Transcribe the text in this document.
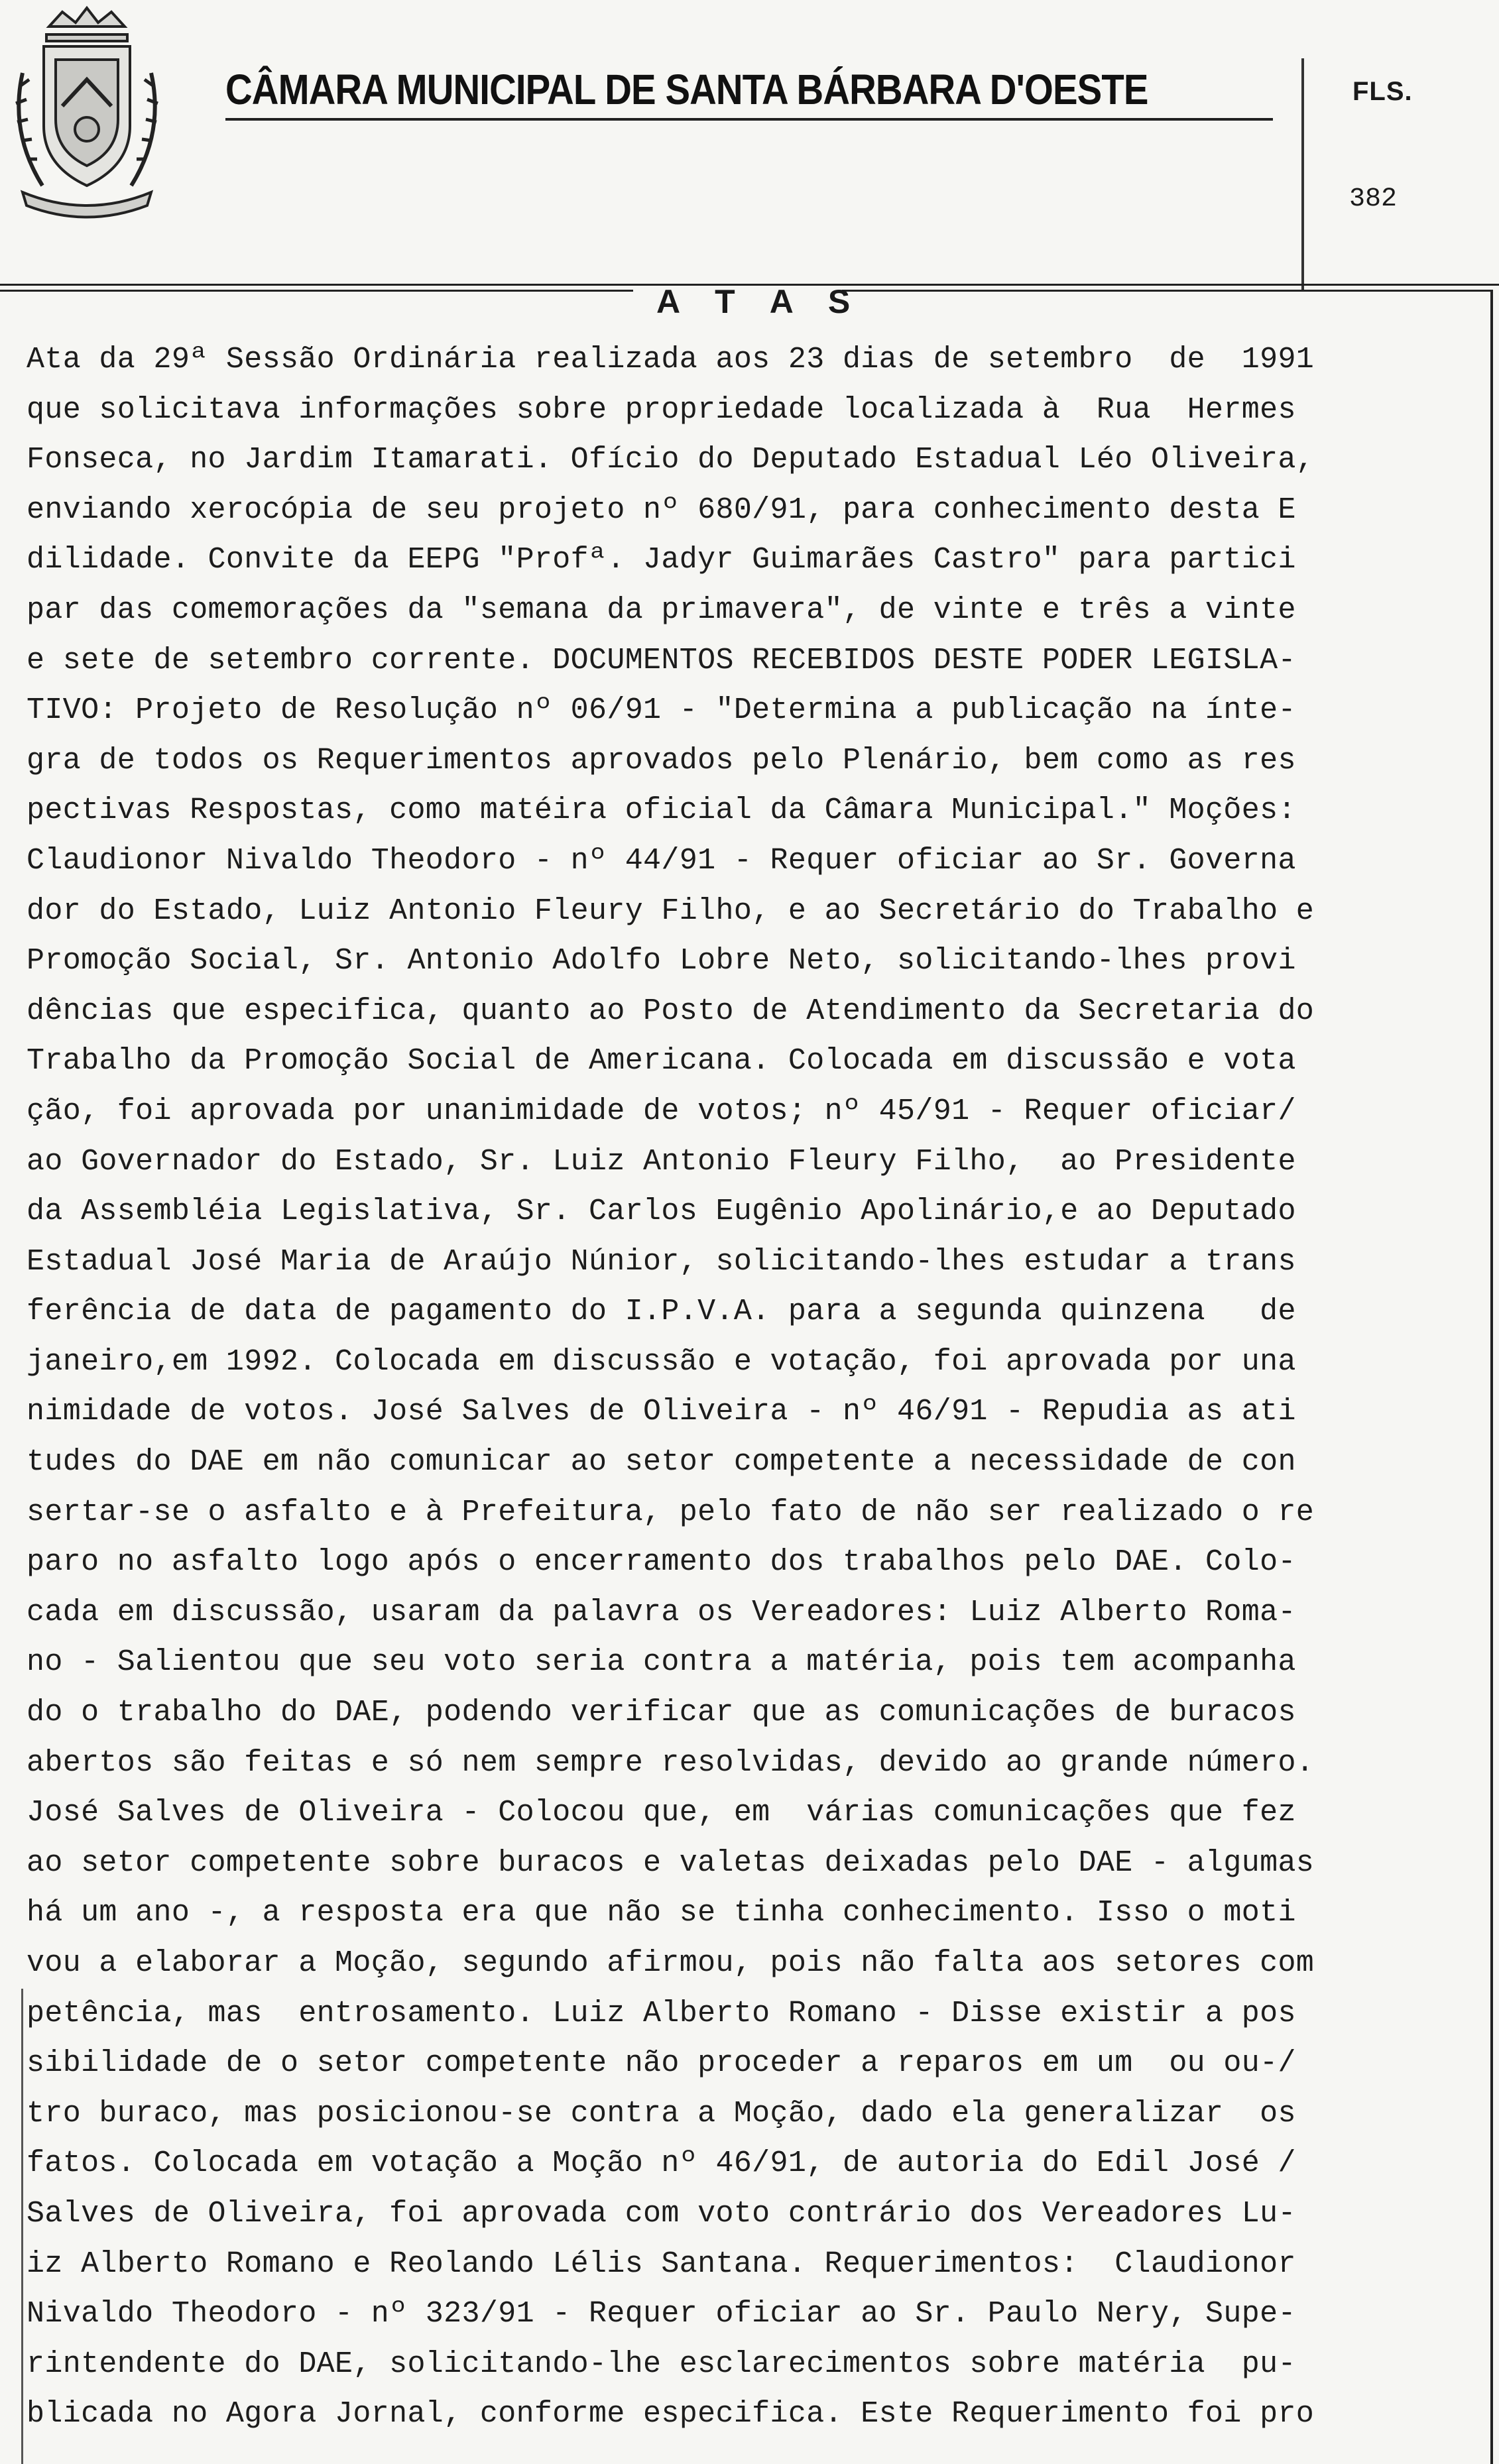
CÂMARA MUNICIPAL DE SANTA BÁRBARA D'OESTE	FLS.
382
A T A S
Ata da 29ª Sessão Ordinária realizada aos 23 dias de setembro  de  1991
que solicitava informações sobre propriedade localizada à  Rua  Hermes
Fonseca, no Jardim Itamarati. Ofício do Deputado Estadual Léo Oliveira,
enviando xerocópia de seu projeto nº 680/91, para conhecimento desta E
dilidade. Convite da EEPG "Profª. Jadyr Guimarães Castro" para partici
par das comemorações da "semana da primavera", de vinte e três a vinte
e sete de setembro corrente. DOCUMENTOS RECEBIDOS DESTE PODER LEGISLA-
TIVO: Projeto de Resolução nº 06/91 - "Determina a publicação na ínte-
gra de todos os Requerimentos aprovados pelo Plenário, bem como as res
pectivas Respostas, como matéira oficial da Câmara Municipal." Moções:
Claudionor Nivaldo Theodoro - nº 44/91 - Requer oficiar ao Sr. Governa
dor do Estado, Luiz Antonio Fleury Filho, e ao Secretário do Trabalho e
Promoção Social, Sr. Antonio Adolfo Lobre Neto, solicitando-lhes provi
dências que especifica, quanto ao Posto de Atendimento da Secretaria do
Trabalho da Promoção Social de Americana. Colocada em discussão e vota
ção, foi aprovada por unanimidade de votos; nº 45/91 - Requer oficiar/
ao Governador do Estado, Sr. Luiz Antonio Fleury Filho,  ao Presidente
da Assembléia Legislativa, Sr. Carlos Eugênio Apolinário,e ao Deputado
Estadual José Maria de Araújo Núnior, solicitando-lhes estudar a trans
ferência de data de pagamento do I.P.V.A. para a segunda quinzena   de
janeiro,em 1992. Colocada em discussão e votação, foi aprovada por una
nimidade de votos. José Salves de Oliveira - nº 46/91 - Repudia as ati
tudes do DAE em não comunicar ao setor competente a necessidade de con
sertar-se o asfalto e à Prefeitura, pelo fato de não ser realizado o re
paro no asfalto logo após o encerramento dos trabalhos pelo DAE. Colo-
cada em discussão, usaram da palavra os Vereadores: Luiz Alberto Roma-
no - Salientou que seu voto seria contra a matéria, pois tem acompanha
do o trabalho do DAE, podendo verificar que as comunicações de buracos
abertos são feitas e só nem sempre resolvidas, devido ao grande número.
José Salves de Oliveira - Colocou que, em  várias comunicações que fez
ao setor competente sobre buracos e valetas deixadas pelo DAE - algumas
há um ano -, a resposta era que não se tinha conhecimento. Isso o moti
vou a elaborar a Moção, segundo afirmou, pois não falta aos setores com
petência, mas  entrosamento. Luiz Alberto Romano - Disse existir a pos
sibilidade de o setor competente não proceder a reparos em um  ou ou-/
tro buraco, mas posicionou-se contra a Moção, dado ela generalizar  os
fatos. Colocada em votação a Moção nº 46/91, de autoria do Edil José /
Salves de Oliveira, foi aprovada com voto contrário dos Vereadores Lu-
iz Alberto Romano e Reolando Lélis Santana. Requerimentos:  Claudionor
Nivaldo Theodoro - nº 323/91 - Requer oficiar ao Sr. Paulo Nery, Supe-
rintendente do DAE, solicitando-lhe esclarecimentos sobre matéria  pu-
blicada no Agora Jornal, conforme especifica. Este Requerimento foi pro
